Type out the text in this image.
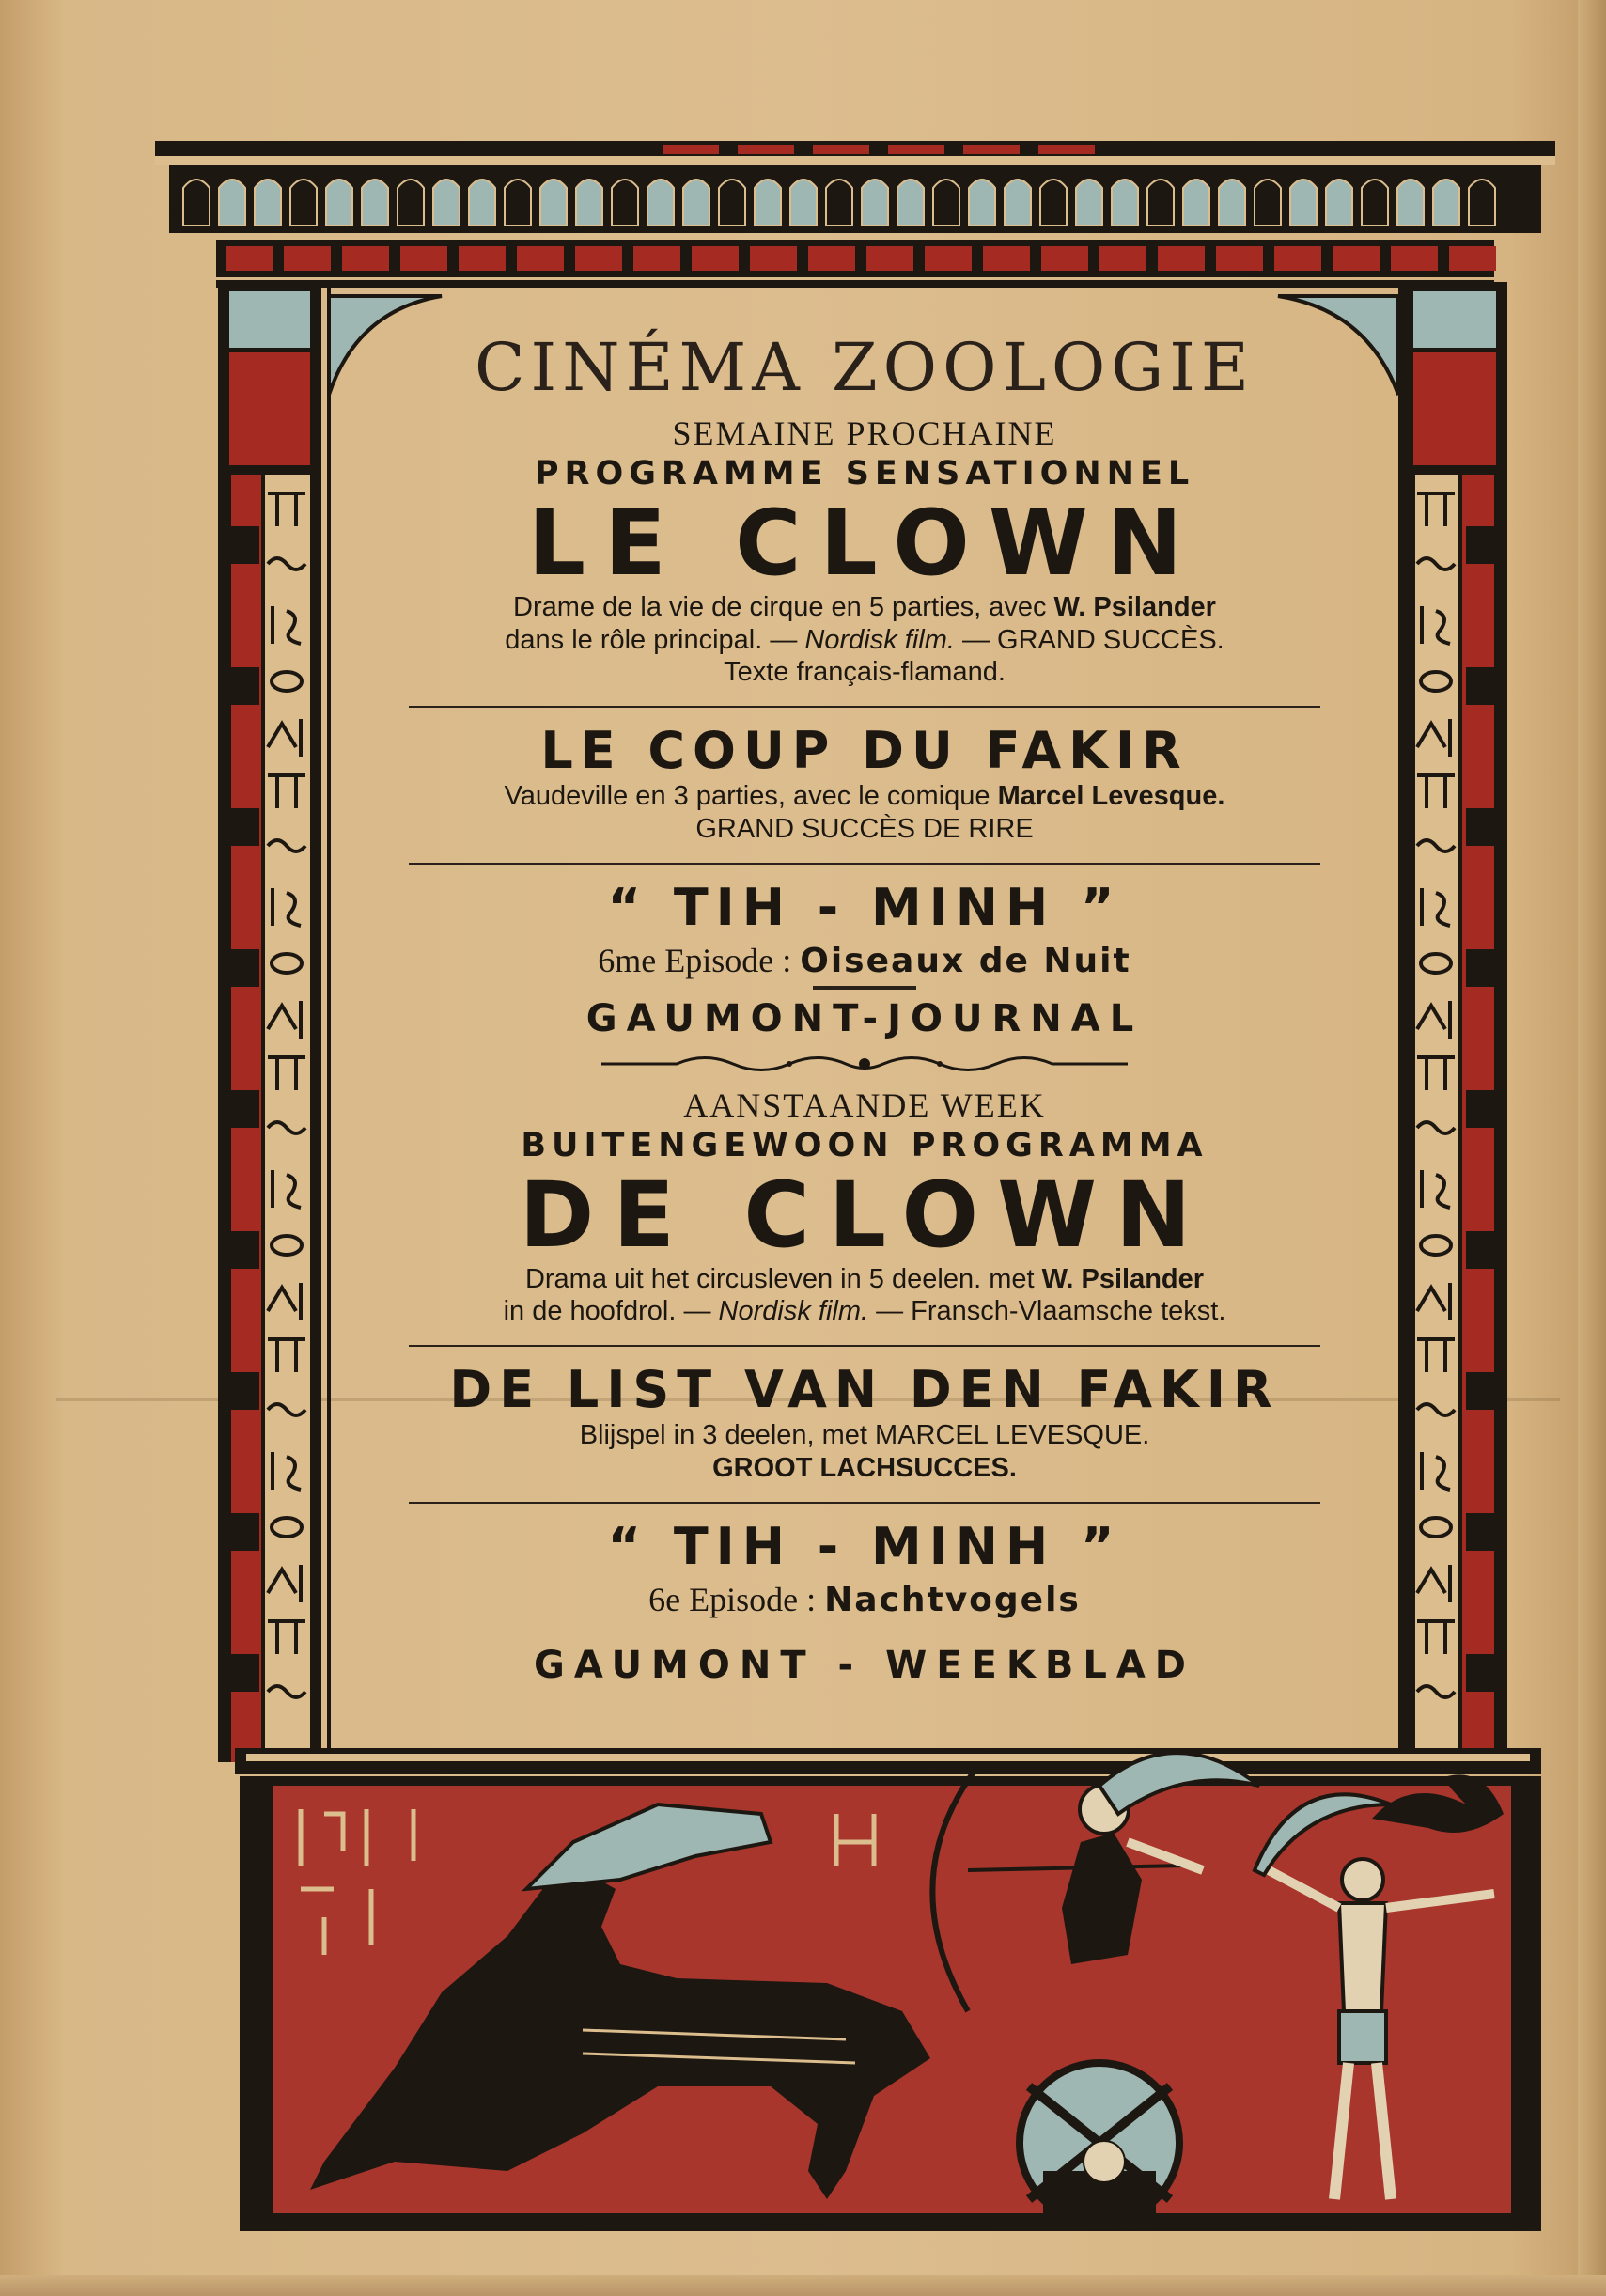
CINÉMA ZOOLOGIE
SEMAINE PROCHAINE
PROGRAMME SENSATIONNEL
LE CLOWN
Drame de la vie de cirque en 5 parties, avec W. Psilander
dans le rôle principal. — Nordisk film. — GRAND SUCCÈS.
Texte français-flamand.
LE COUP DU FAKIR
Vaudeville en 3 parties, avec le comique Marcel Levesque.
GRAND SUCCÈS DE RIRE
“ TIH - MINH ”
6me Episode : Oiseaux de Nuit
GAUMONT-JOURNAL
AANSTAANDE WEEK
BUITENGEWOON PROGRAMMA
DE CLOWN
Drama uit het circusleven in 5 deelen. met W. Psilander
in de hoofdrol. — Nordisk film. — Fransch-Vlaamsche tekst.
DE LIST VAN DEN FAKIR
Blijspel in 3 deelen, met MARCEL LEVESQUE.
GROOT LACHSUCCES.
“ TIH - MINH ”
6e Episode : Nachtvogels
GAUMONT - WEEKBLAD
